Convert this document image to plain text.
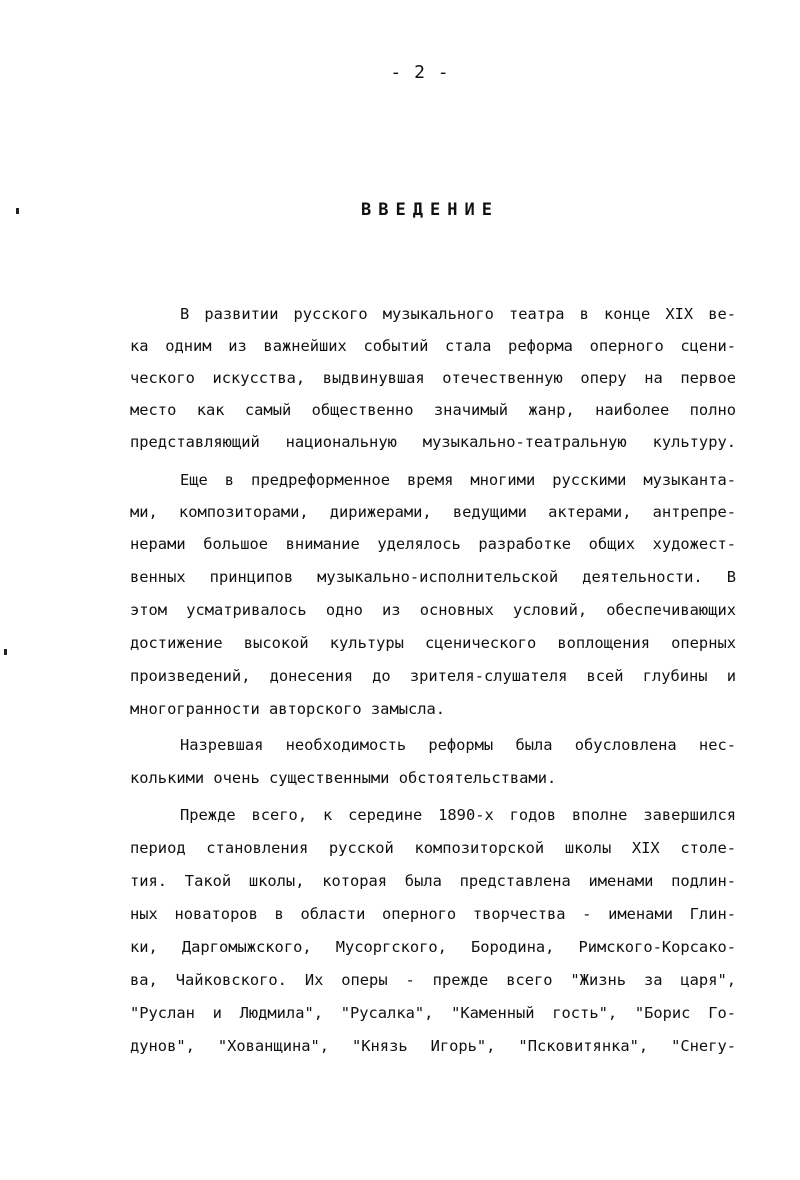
- 2 -
ВВЕДЕНИЕ
В развитии русского музыкального театра в конце XIX ве-
ка одним из важнейших событий стала реформа оперного сцени-
ческого искусства, выдвинувшая отечественную оперу на первое
место как самый общественно значимый жанр, наиболее полно
представляющий национальную музыкально-театральную культуру.
Еще в предреформенное время многими русскими музыканта-
ми, композиторами, дирижерами, ведущими актерами, антрепре-
нерами большое внимание уделялось разработке общих художест-
венных принципов музыкально-исполнительской деятельности. В
этом усматривалось одно из основных условий, обеспечивающих
достижение высокой культуры сценического воплощения оперных
произведений, донесения до зрителя-слушателя всей глубины и
многогранности авторского замысла.
Назревшая необходимость реформы была обусловлена нес-
колькими очень существенными обстоятельствами.
Прежде всего, к середине 1890-х годов вполне завершился
период становления русской композиторской школы XIX столе-
тия. Такой школы, которая была представлена именами подлин-
ных новаторов в области оперного творчества - именами Глин-
ки, Даргомыжского, Мусоргского, Бородина, Римского-Корсако-
ва, Чайковского. Их оперы - прежде всего "Жизнь за царя",
"Руслан и Людмила", "Русалка", "Каменный гость", "Борис Го-
дунов", "Хованщина", "Князь Игорь", "Псковитянка", "Снегу-
